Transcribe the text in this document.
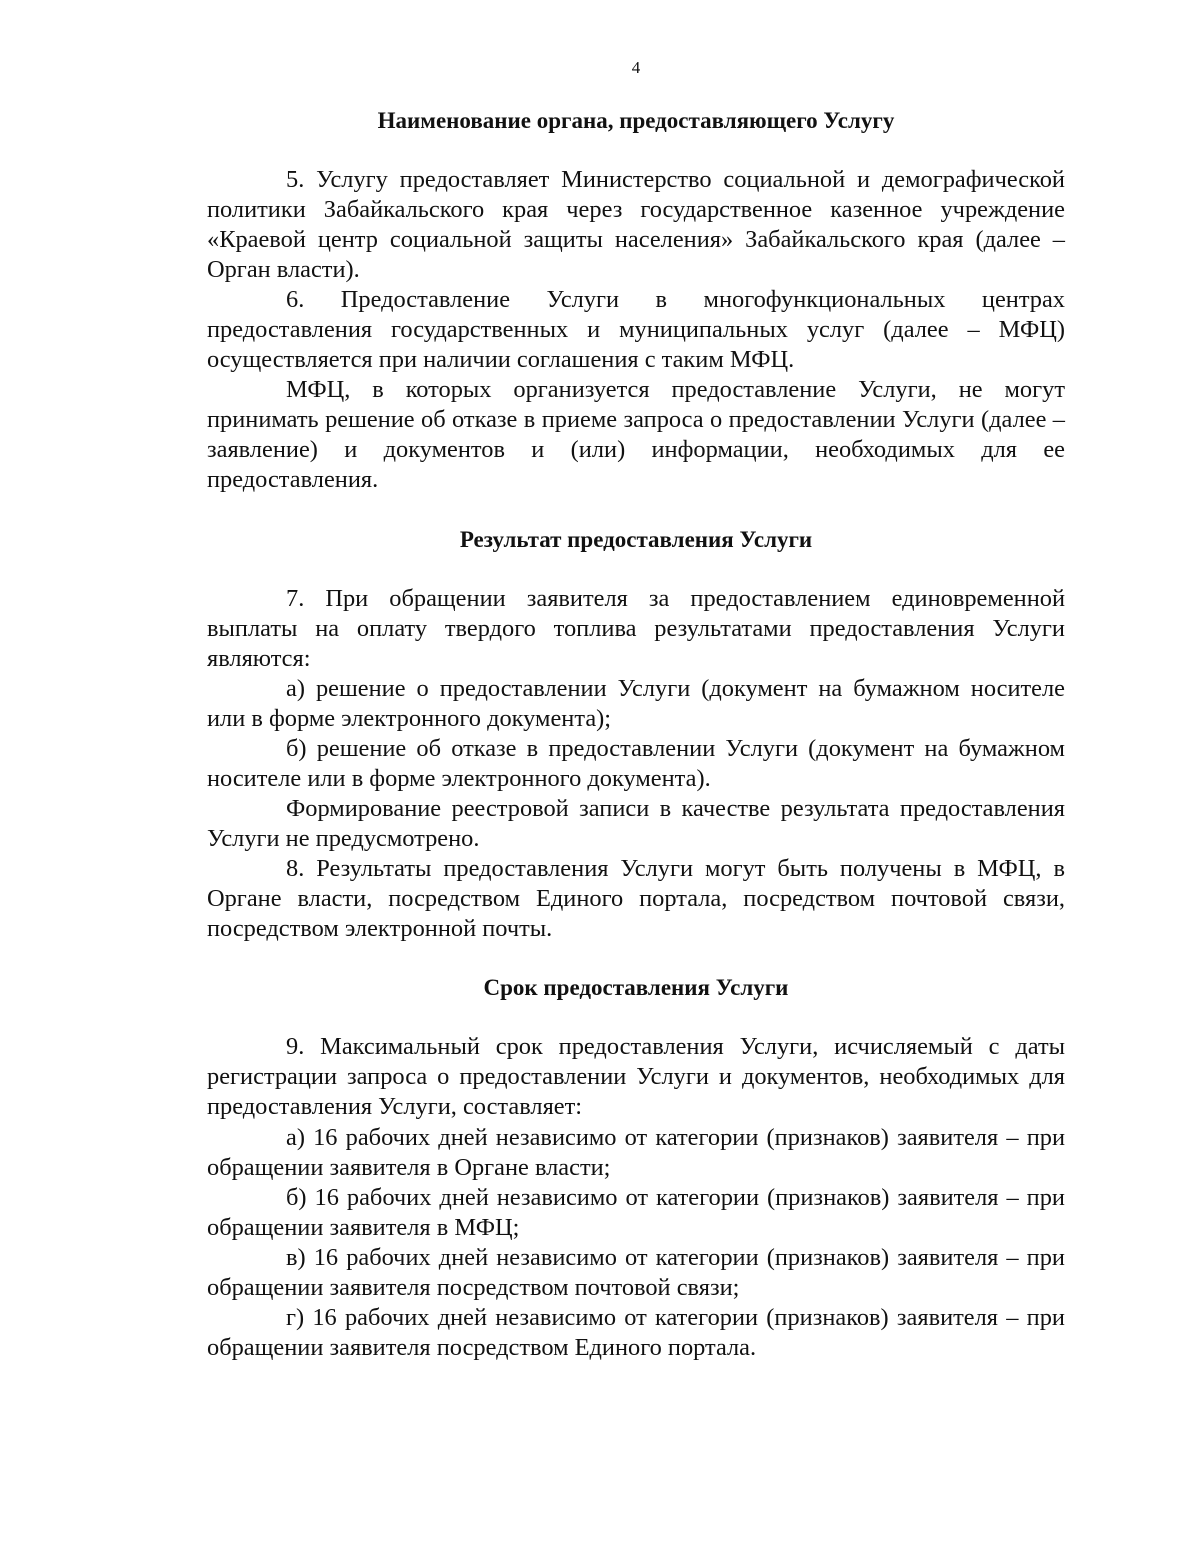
4
Наименование органа, предоставляющего Услугу

5. Услугу предоставляет Министерство социальной и демографической политики Забайкальского края через государственное казенное учреждение «Краевой центр социальной защиты населения» Забайкальского края (далее – Орган власти).

6. Предоставление Услуги в многофункциональных центрах предоставления государственных и муниципальных услуг (далее – МФЦ) осуществляется при наличии соглашения с таким МФЦ.

МФЦ, в которых организуется предоставление Услуги, не могут принимать решение об отказе в приеме запроса о предоставлении Услуги (далее – заявление) и документов и (или) информации, необходимых для ее предоставления.

Результат предоставления Услуги

7. При обращении заявителя за предоставлением единовременной выплаты на оплату твердого топлива результатами предоставления Услуги являются:

а) решение о предоставлении Услуги (документ на бумажном носителе или в форме электронного документа);

б) решение об отказе в предоставлении Услуги (документ на бумажном носителе или в форме электронного документа).

Формирование реестровой записи в качестве результата предоставления Услуги не предусмотрено.

8. Результаты предоставления Услуги могут быть получены в МФЦ, в Органе власти, посредством Единого портала, посредством почтовой связи, посредством электронной почты.

Срок предоставления Услуги

9. Максимальный срок предоставления Услуги, исчисляемый с даты регистрации запроса о предоставлении Услуги и документов, необходимых для предоставления Услуги, составляет:

а) 16 рабочих дней независимо от категории (признаков) заявителя – при обращении заявителя в Органе власти;

б) 16 рабочих дней независимо от категории (признаков) заявителя – при обращении заявителя в МФЦ;

в) 16 рабочих дней независимо от категории (признаков) заявителя – при обращении заявителя посредством почтовой связи;

г) 16 рабочих дней независимо от категории (признаков) заявителя – при обращении заявителя посредством Единого портала.
